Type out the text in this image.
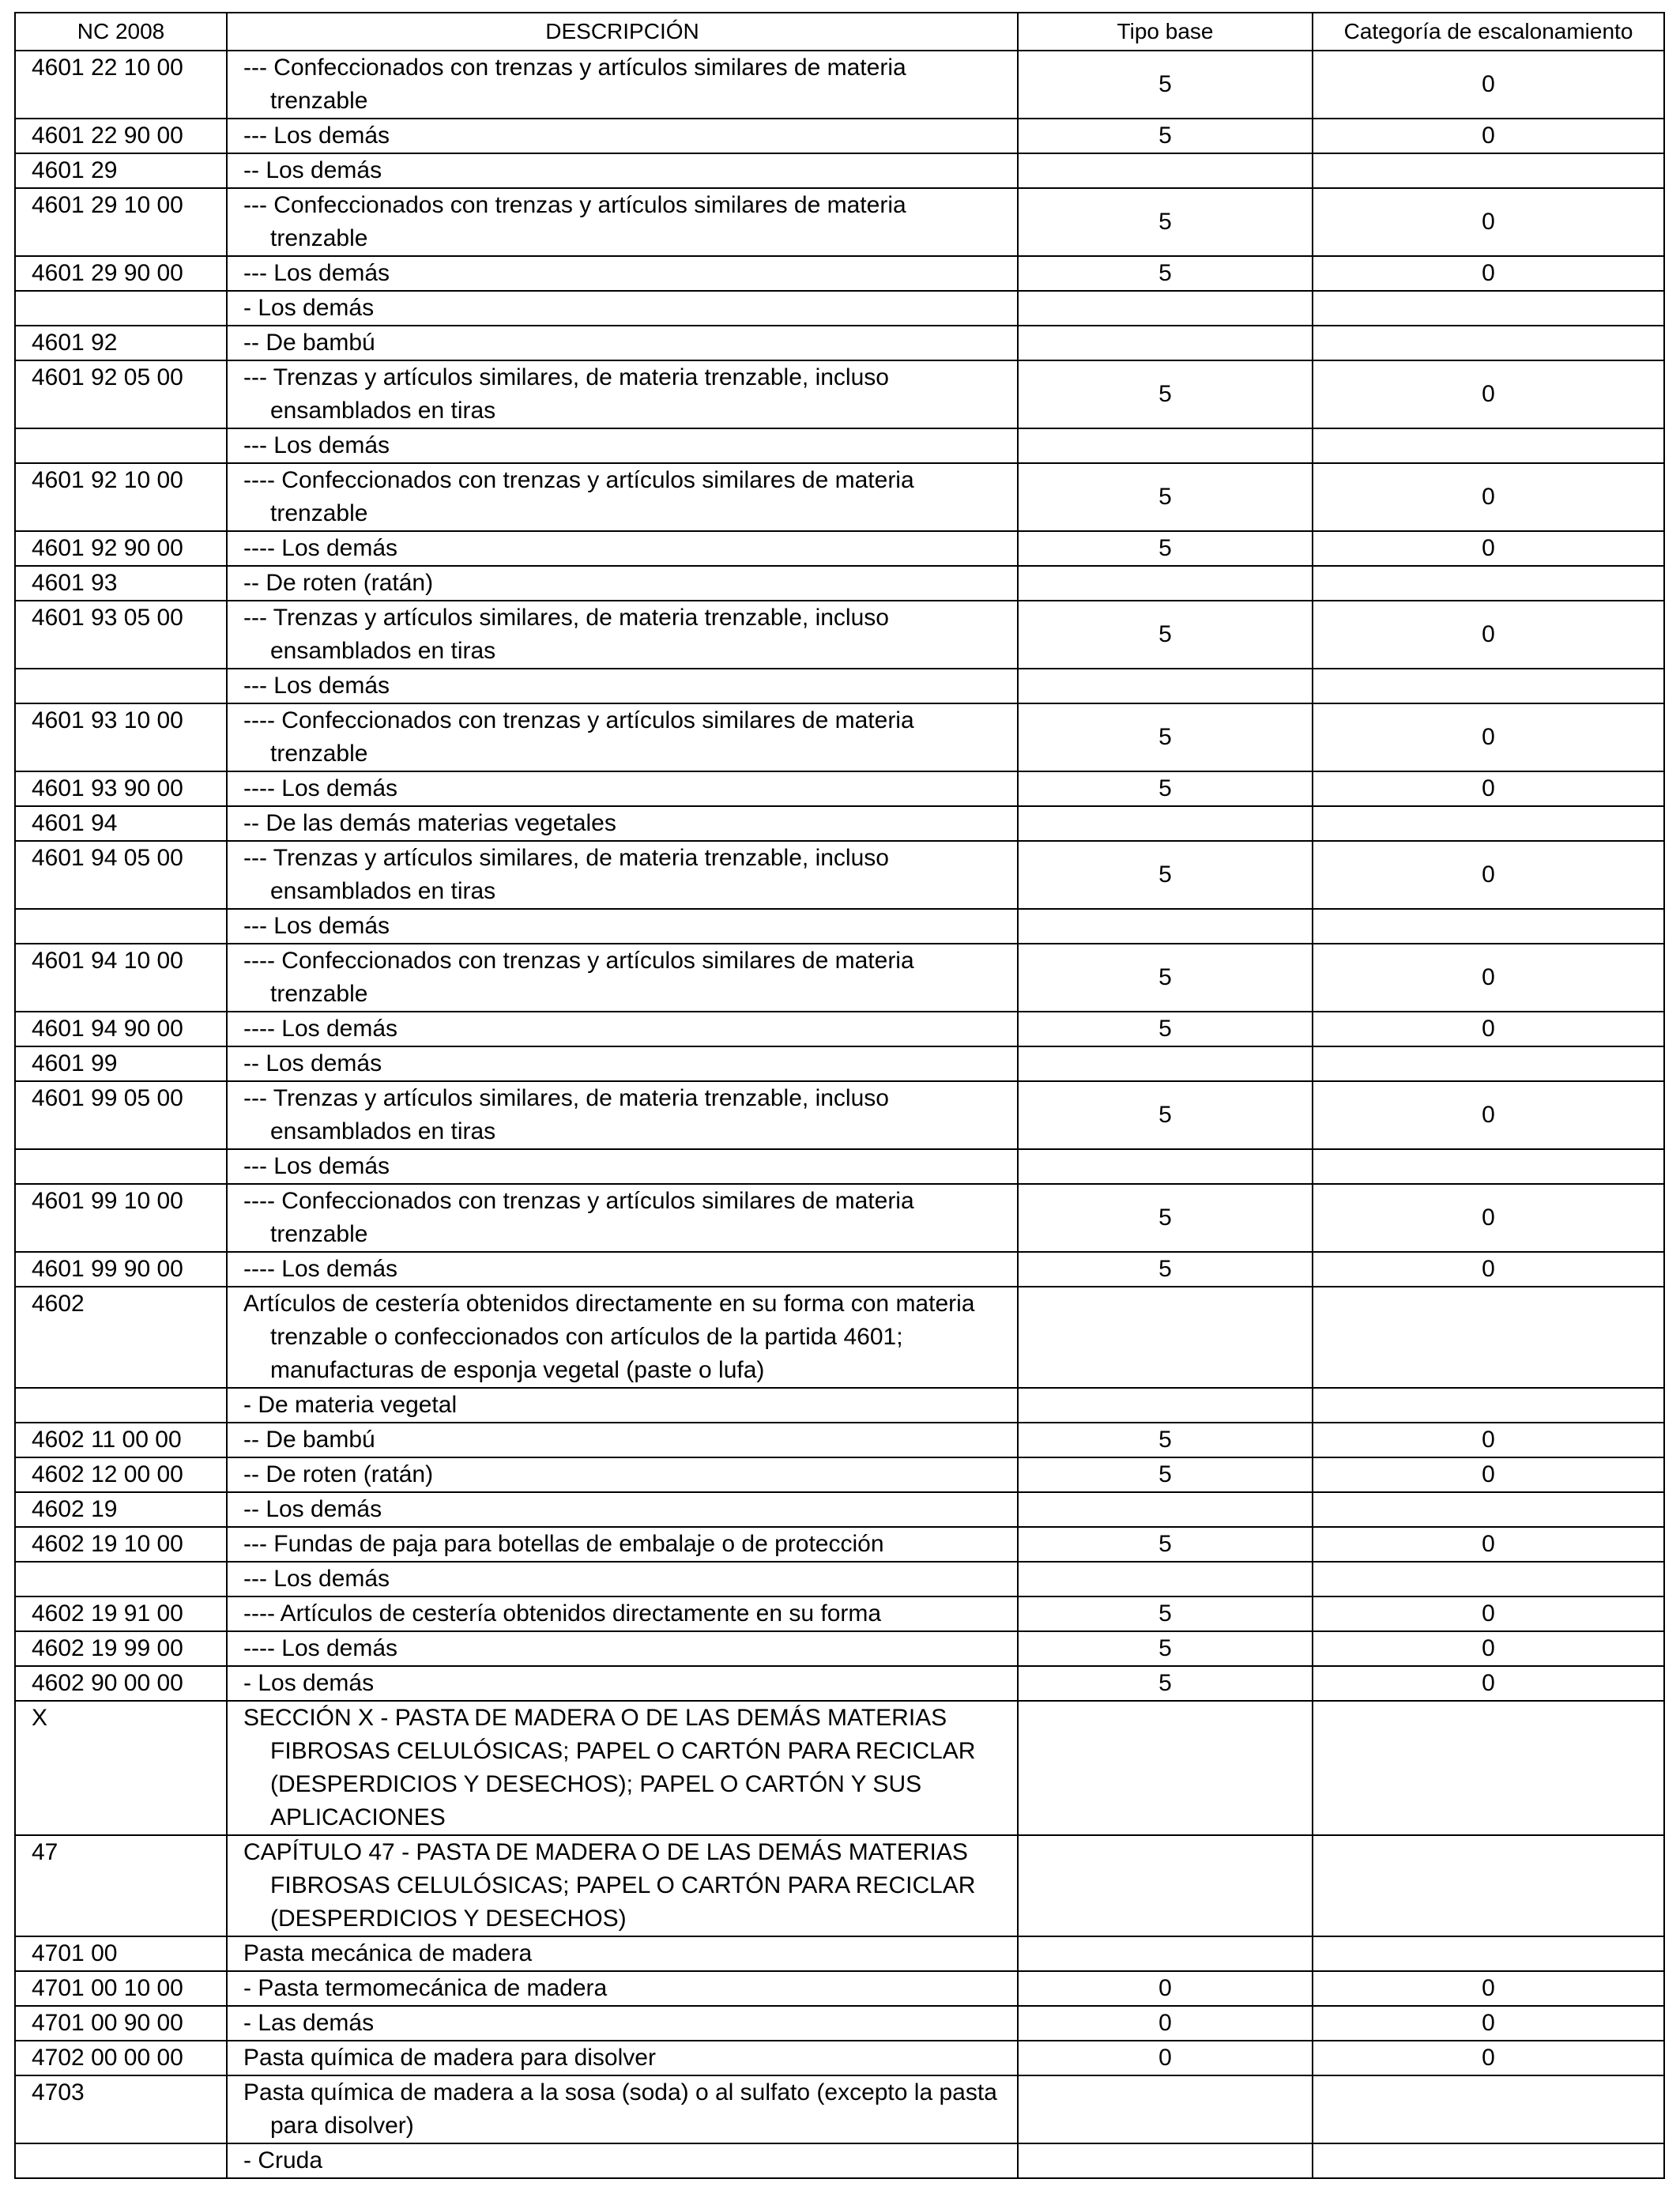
NC 2008	DESCRIPCIÓN	Tipo base	Categoría de escalonamiento
4601 22 10 00	--- Confeccionados con trenzas y artículos similares de materia trenzable	5	0
4601 22 90 00	--- Los demás	5	0
4601 29	-- Los demás		

4601 29 10 00	--- Confeccionados con trenzas y artículos similares de materia trenzable	5	0
4601 29 90 00	--- Los demás	5	0

	- Los demás		

4601 92	-- De bambú		

4601 92 05 00	--- Trenzas y artículos similares, de materia trenzable, incluso ensamblados en tiras	5	0

	--- Los demás		

4601 92 10 00	---- Confeccionados con trenzas y artículos similares de materia trenzable	5	0
4601 92 90 00	---- Los demás	5	0
4601 93	-- De roten (ratán)		

4601 93 05 00	--- Trenzas y artículos similares, de materia trenzable, incluso ensamblados en tiras	5	0

	--- Los demás		

4601 93 10 00	---- Confeccionados con trenzas y artículos similares de materia trenzable	5	0
4601 93 90 00	---- Los demás	5	0
4601 94	-- De las demás materias vegetales		

4601 94 05 00	--- Trenzas y artículos similares, de materia trenzable, incluso ensamblados en tiras	5	0

	--- Los demás		

4601 94 10 00	---- Confeccionados con trenzas y artículos similares de materia trenzable	5	0
4601 94 90 00	---- Los demás	5	0
4601 99	-- Los demás		

4601 99 05 00	--- Trenzas y artículos similares, de materia trenzable, incluso ensamblados en tiras	5	0

	--- Los demás		

4601 99 10 00	---- Confeccionados con trenzas y artículos similares de materia trenzable	5	0
4601 99 90 00	---- Los demás	5	0
4602	Artículos de cestería obtenidos directamente en su forma con materia trenzable o confeccionados con artículos de la partida 4601; manufacturas de esponja vegetal (paste o lufa)		

	- De materia vegetal		

4602 11 00 00	-- De bambú	5	0
4602 12 00 00	-- De roten (ratán)	5	0
4602 19	-- Los demás		

4602 19 10 00	--- Fundas de paja para botellas de embalaje o de protección	5	0

	--- Los demás		

4602 19 91 00	---- Artículos de cestería obtenidos directamente en su forma	5	0
4602 19 99 00	---- Los demás	5	0
4602 90 00 00	- Los demás	5	0
X	SECCIÓN X - PASTA DE MADERA O DE LAS DEMÁS MATERIAS FIBROSAS CELULÓSICAS; PAPEL O CARTÓN PARA RECICLAR (DESPERDICIOS Y DESECHOS); PAPEL O CARTÓN Y SUS APLICACIONES		

47	CAPÍTULO 47 - PASTA DE MADERA O DE LAS DEMÁS MATERIAS FIBROSAS CELULÓSICAS; PAPEL O CARTÓN PARA RECICLAR (DESPERDICIOS Y DESECHOS)		

4701 00	Pasta mecánica de madera		

4701 00 10 00	- Pasta termomecánica de madera	0	0
4701 00 90 00	- Las demás	0	0
4702 00 00 00	Pasta química de madera para disolver	0	0
4703	Pasta química de madera a la sosa (soda) o al sulfato (excepto la pasta para disolver)		

	- Cruda		
